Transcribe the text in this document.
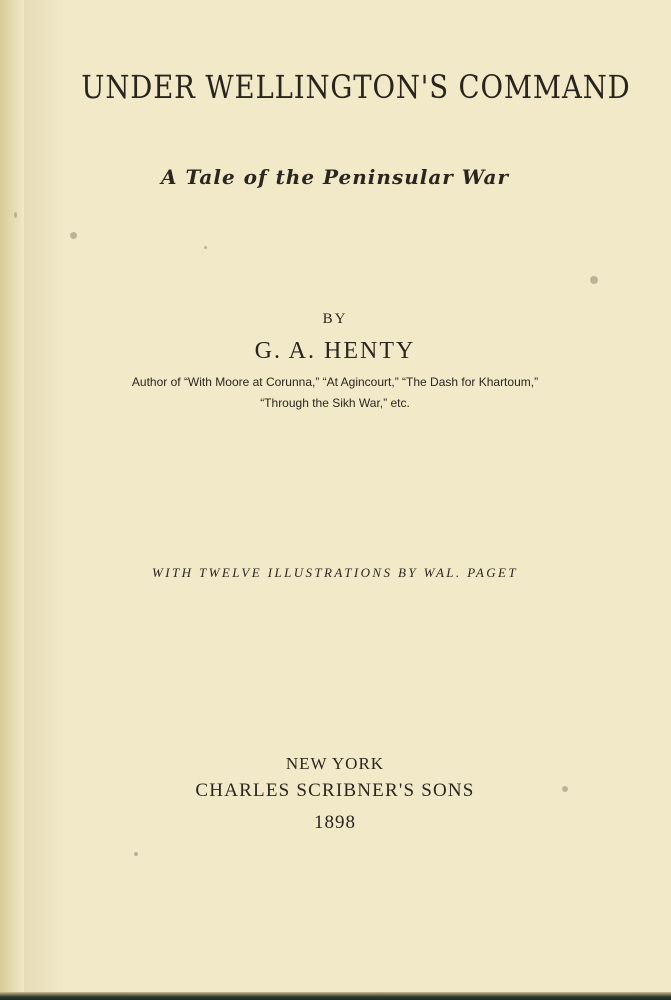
UNDER WELLINGTON'S COMMAND
A Tale of the Peninsular War
BY
G. A. HENTY
Author of “With Moore at Corunna,” “At Agincourt,” “The Dash for Khartoum,”
“Through the Sikh War,” etc.
WITH TWELVE ILLUSTRATIONS BY WAL. PAGET
NEW YORK
CHARLES SCRIBNER'S SONS
1898
